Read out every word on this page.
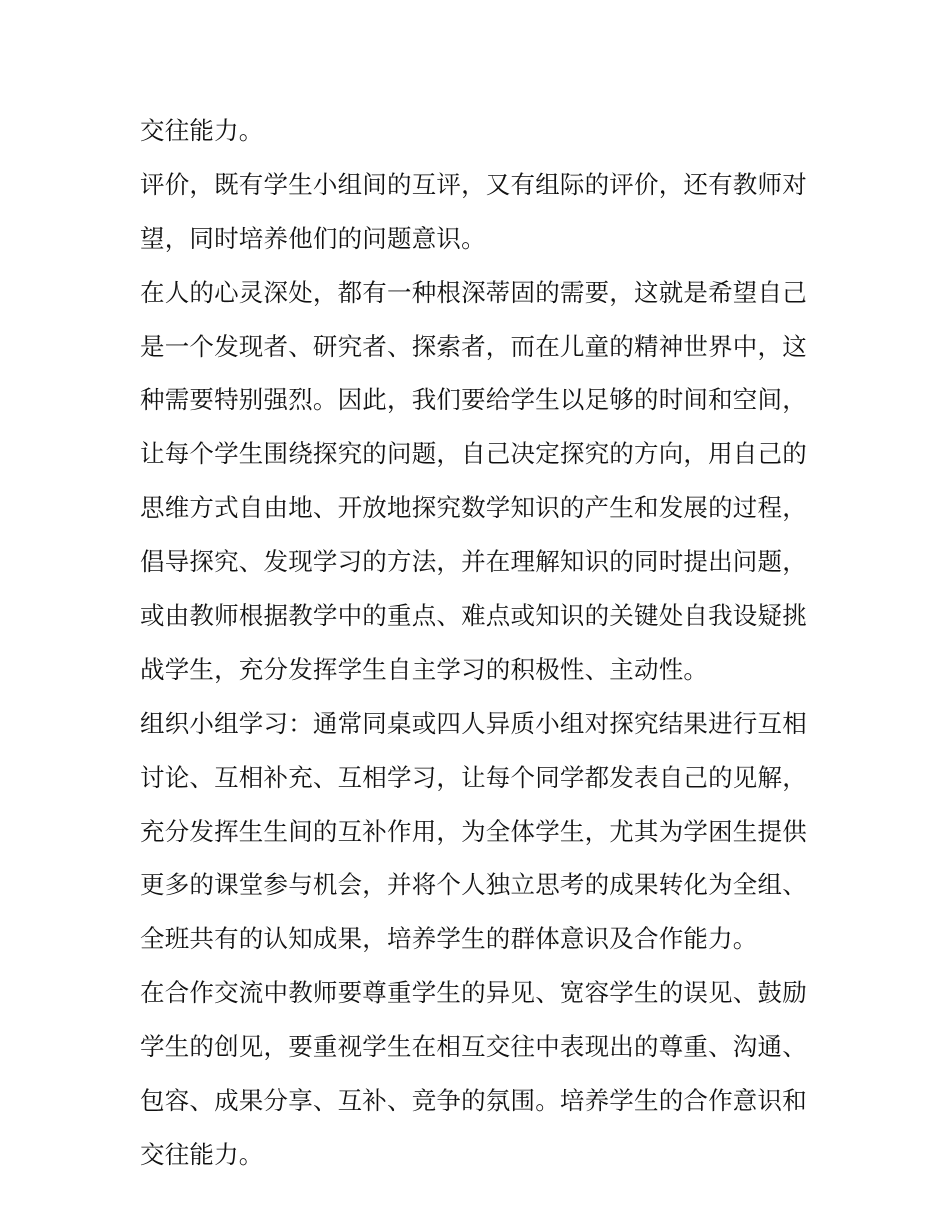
交往能力。
评价，既有学生小组间的互评，又有组际的评价，还有教师对
望，同时培养他们的问题意识。
在人的心灵深处，都有一种根深蒂固的需要，这就是希望自己
是一个发现者、研究者、探索者，而在儿童的精神世界中，这
种需要特别强烈。因此，我们要给学生以足够的时间和空间，
让每个学生围绕探究的问题，自己决定探究的方向，用自己的
思维方式自由地、开放地探究数学知识的产生和发展的过程，
倡导探究、发现学习的方法，并在理解知识的同时提出问题，
或由教师根据教学中的重点、难点或知识的关键处自我设疑挑
战学生，充分发挥学生自主学习的积极性、主动性。
组织小组学习：通常同桌或四人异质小组对探究结果进行互相
讨论、互相补充、互相学习，让每个同学都发表自己的见解，
充分发挥生生间的互补作用，为全体学生，尤其为学困生提供
更多的课堂参与机会，并将个人独立思考的成果转化为全组、
全班共有的认知成果，培养学生的群体意识及合作能力。
在合作交流中教师要尊重学生的异见、宽容学生的误见、鼓励
学生的创见，要重视学生在相互交往中表现出的尊重、沟通、
包容、成果分享、互补、竞争的氛围。培养学生的合作意识和
交往能力。
